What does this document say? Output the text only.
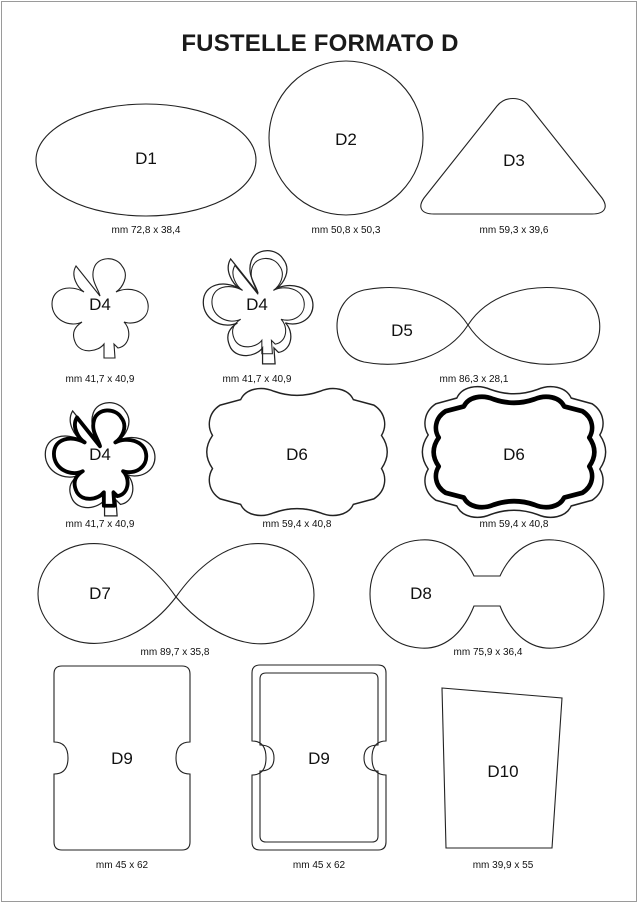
FUSTELLE FORMATO D
D1
mm 72,8 x 38,4
D2
mm 50,8 x 50,3
D3
mm 59,3 x 39,6
D4
mm 41,7 x 40,9
D4
mm 41,7 x 40,9
D5
mm 86,3 x 28,1
D4
mm 41,7 x 40,9
D6
mm 59,4 x 40,8
D6
mm 59,4 x 40,8
D7
mm 89,7 x 35,8
D8
mm 75,9 x 36,4
D9
mm 45 x 62
D9
mm 45 x 62
D10
mm 39,9 x 55
